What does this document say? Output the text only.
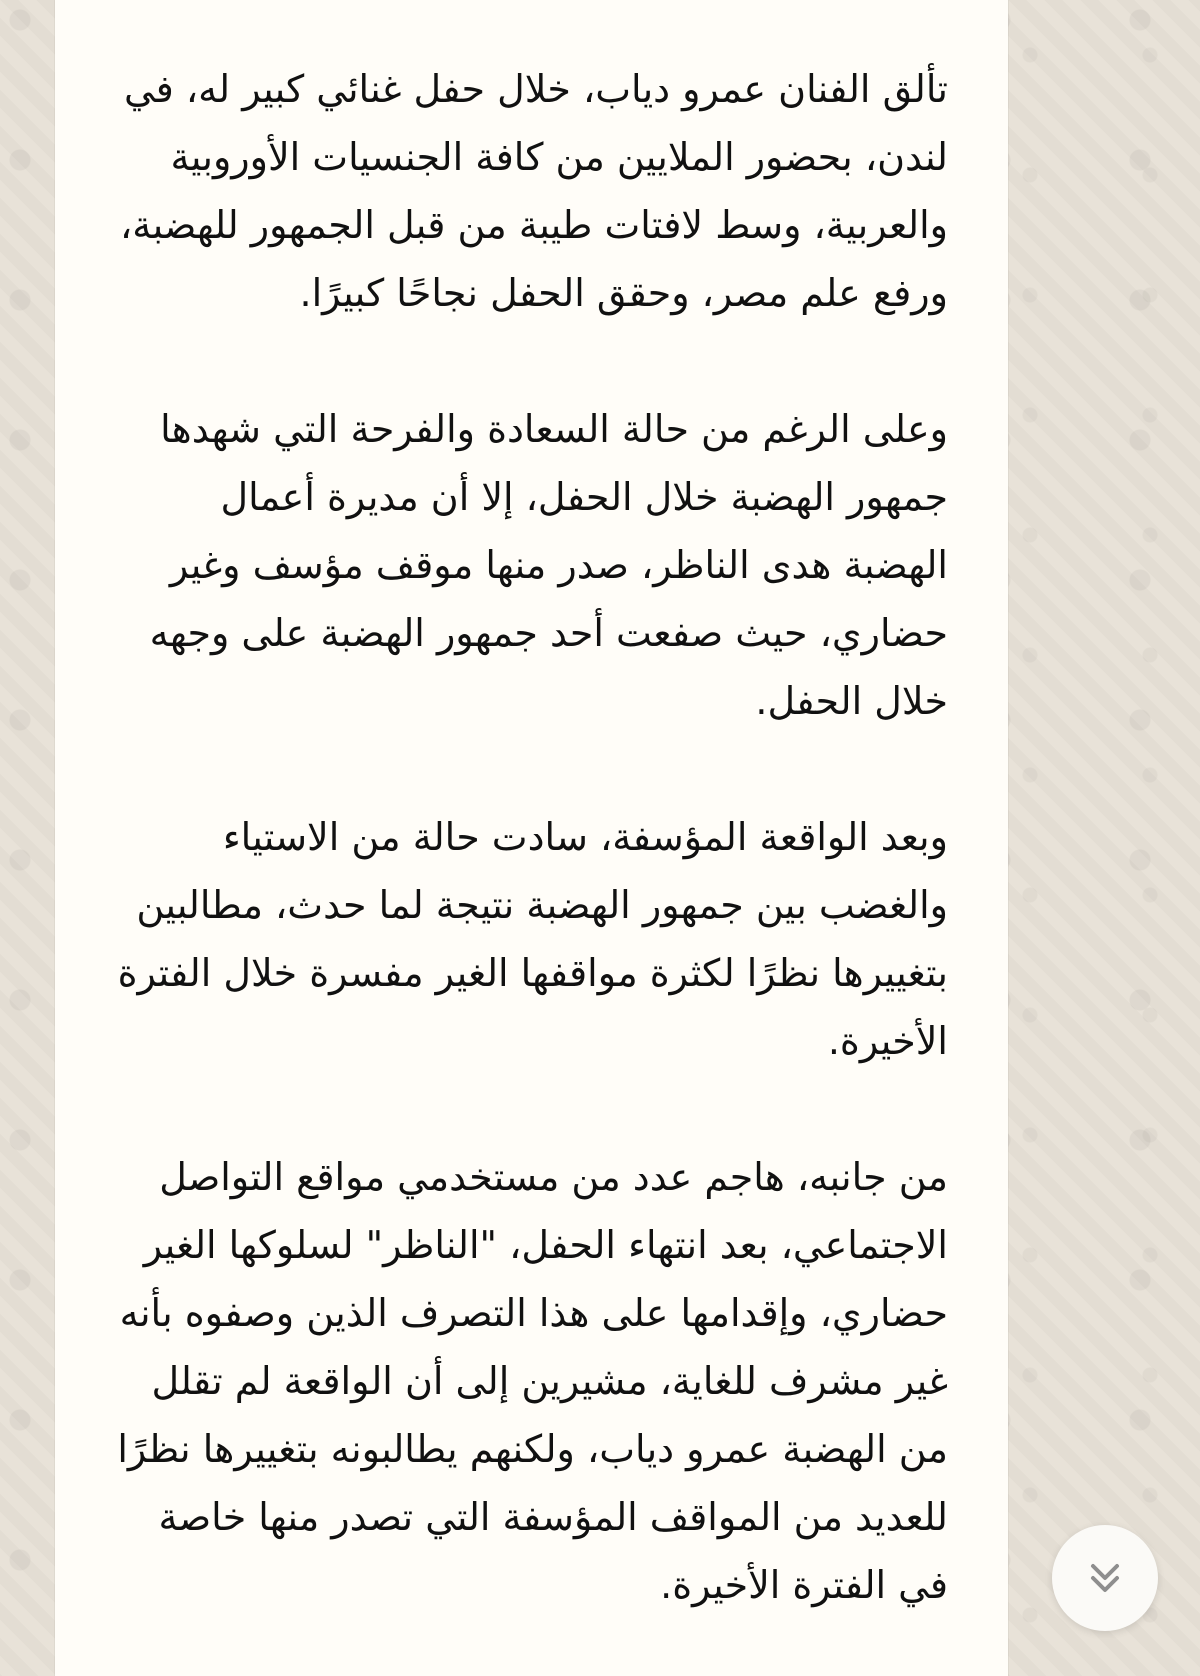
تألق الفنان عمرو دياب، خلال حفل غنائي كبير له، في لندن، بحضور الملايين من كافة الجنسيات الأوروبية والعربية، وسط لافتات طيبة من قبل الجمهور للهضبة، ورفع علم مصر، وحقق الحفل نجاحًا كبيرًا.

وعلى الرغم من حالة السعادة والفرحة التي شهدها جمهور الهضبة خلال الحفل، إلا أن مديرة أعمال الهضبة هدى الناظر، صدر منها موقف مؤسف وغير حضاري، حيث صفعت أحد جمهور الهضبة على وجهه خلال الحفل.

وبعد الواقعة المؤسفة، سادت حالة من الاستياء والغضب بين جمهور الهضبة نتيجة لما حدث، مطالبين بتغييرها نظرًا لكثرة مواقفها الغير مفسرة خلال الفترة الأخيرة.

من جانبه، هاجم عدد من مستخدمي مواقع التواصل الاجتماعي، بعد انتهاء الحفل، "الناظر" لسلوكها الغير حضاري، وإقدامها على هذا التصرف الذين وصفوه بأنه غير مشرف للغاية، مشيرين إلى أن الواقعة لم تقلل من الهضبة عمرو دياب، ولكنهم يطالبونه بتغييرها نظرًا للعديد من المواقف المؤسفة التي تصدر منها خاصة في الفترة الأخيرة.
